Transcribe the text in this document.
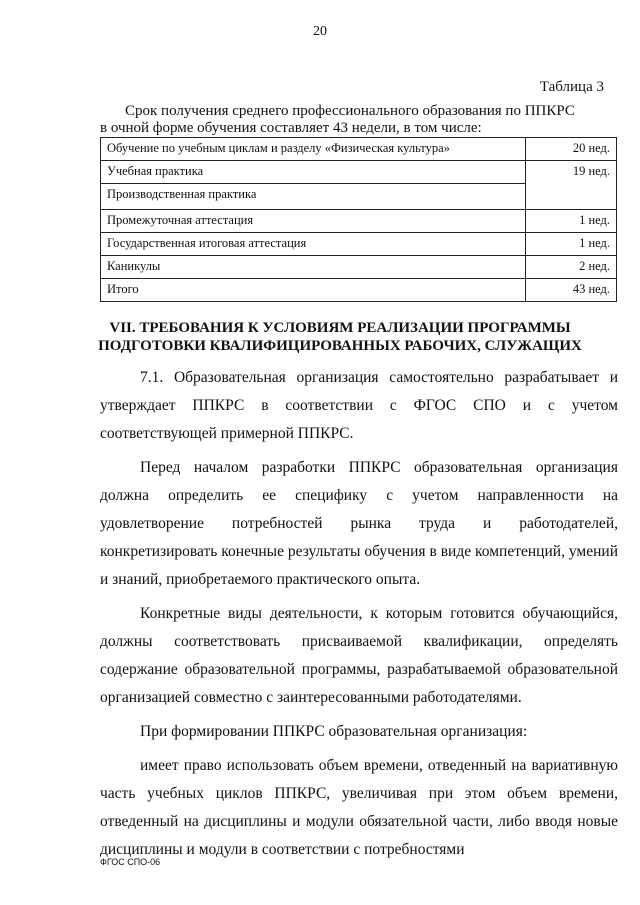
20
Таблица 3
Срок получения среднего профессионального образования по ППКРС
в очной форме обучения составляет 43 недели, в том числе:
Обучение по учебным циклам и разделу «Физическая культура»	20 нед.
Учебная практика	19 нед.
Производственная практика	
Промежуточная аттестация	1 нед.
Государственная итоговая аттестация	1 нед.
Каникулы	2 нед.
Итого	43 нед.
VII. ТРЕБОВАНИЯ К УСЛОВИЯМ РЕАЛИЗАЦИИ ПРОГРАММЫ
ПОДГОТОВКИ КВАЛИФИЦИРОВАННЫХ РАБОЧИХ, СЛУЖАЩИХ

7.1. Образовательная организация самостоятельно разрабатывает и утверждает ППКРС в соответствии с ФГОС СПО и с учетом соответствующей примерной ППКРС.

Перед началом разработки ППКРС образовательная организация должна определить ее специфику с учетом направленности на удовлетворение потребностей рынка труда и работодателей, конкретизировать конечные результаты обучения в виде компетенций, умений и знаний, приобретаемого практического опыта.

Конкретные виды деятельности, к которым готовится обучающийся, должны соответствовать присваиваемой квалификации, определять содержание образовательной программы, разрабатываемой образовательной организацией совместно с заинтересованными работодателями.

При формировании ППКРС образовательная организация:

имеет право использовать объем времени, отведенный на вариативную часть учебных циклов ППКРС, увеличивая при этом объем времени, отведенный на дисциплины и модули обязательной части, либо вводя новые дисциплины и модули в соответствии с потребностями

ФГОС СПО-06
